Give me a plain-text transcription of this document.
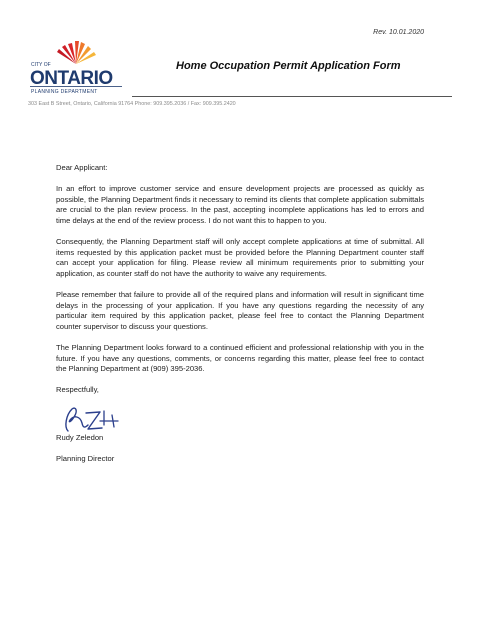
Rev. 10.01.2020
CITY OF
ONTARIO
PLANNING DEPARTMENT
Home Occupation Permit Application Form
303 East B Street, Ontario, California 91764 Phone: 909.395.2036 / Fax: 909.395.2420

Dear Applicant:

In an effort to improve customer service and ensure development projects are processed as quickly as possible, the Planning Department finds it necessary to remind its clients that complete application submittals are crucial to the plan review process. In the past, accepting incomplete applications has led to errors and time delays at the end of the review process. I do not want this to happen to you.

Consequently, the Planning Department staff will only accept complete applications at time of submittal. All items requested by this application packet must be provided before the Planning Department counter staff can accept your application for filing. Please review all minimum requirements prior to submitting your application, as counter staff do not have the authority to waive any requirements.

Please remember that failure to provide all of the required plans and information will result in significant time delays in the processing of your application. If you have any questions regarding the necessity of any particular item required by this application packet, please feel free to contact the Planning Department counter supervisor to discuss your questions.

The Planning Department looks forward to a continued efficient and professional relationship with you in the future. If you have any questions, comments, or concerns regarding this matter, please feel free to contact the Planning Department at (909) 395-2036.

Respectfully,

Rudy Zeledon

Planning Director
